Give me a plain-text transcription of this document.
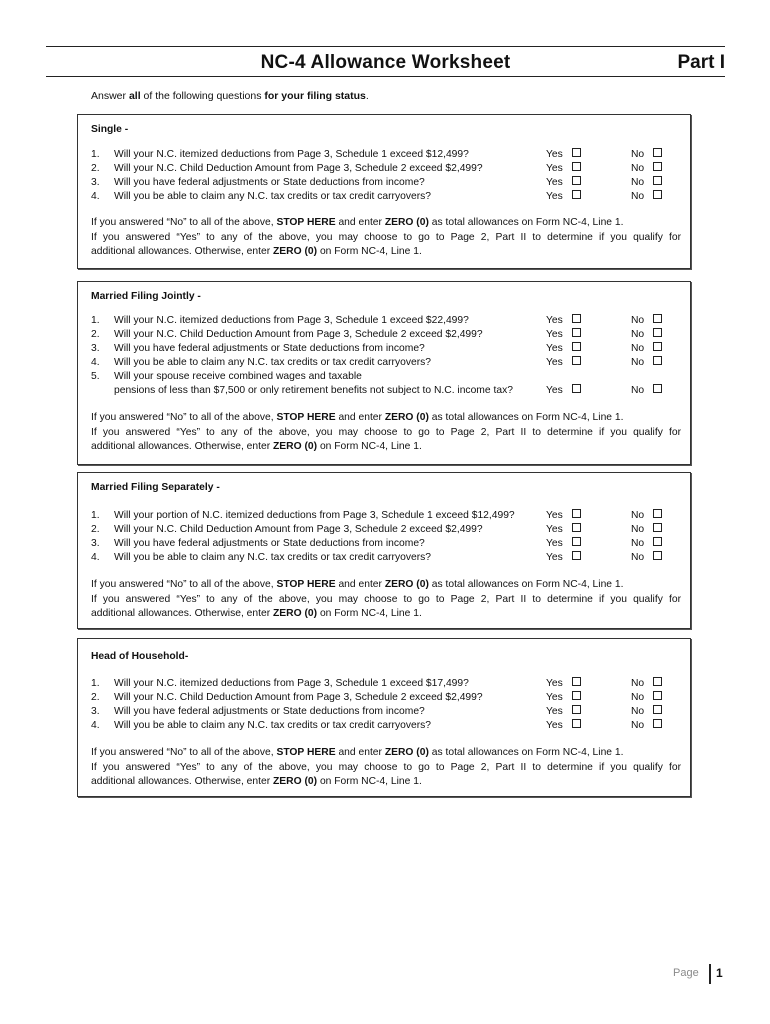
NC-4 Allowance Worksheet	Part I
Answer all of the following questions for your filing status.
Single -
1. Will your N.C. itemized deductions from Page 3, Schedule 1 exceed $12,499?	Yes	No
2. Will your N.C. Child Deduction Amount from Page 3, Schedule 2 exceed $2,499?	Yes	No
3. Will you have federal adjustments or State deductions from income?	Yes	No
4. Will you be able to claim any N.C. tax credits or tax credit carryovers?	Yes	No
If you answered “No” to all of the above, STOP HERE and enter ZERO (0) as total allowances on Form NC-4, Line 1.
If you answered “Yes” to any of the above, you may choose to go to Page 2, Part II to determine if you qualify for
additional allowances. Otherwise, enter ZERO (0) on Form NC-4, Line 1.
Married Filing Jointly -
1. Will your N.C. itemized deductions from Page 3, Schedule 1 exceed $22,499?	Yes	No
2. Will your N.C. Child Deduction Amount from Page 3, Schedule 2 exceed $2,499?	Yes	No
3. Will you have federal adjustments or State deductions from income?	Yes	No
4. Will you be able to claim any N.C. tax credits or tax credit carryovers?	Yes	No
5. Will your spouse receive combined wages and taxable
pensions of less than $7,500 or only retirement benefits not subject to N.C. income tax?	Yes	No
If you answered “No” to all of the above, STOP HERE and enter ZERO (0) as total allowances on Form NC-4, Line 1.
If you answered “Yes” to any of the above, you may choose to go to Page 2, Part II to determine if you qualify for
additional allowances. Otherwise, enter ZERO (0) on Form NC-4, Line 1.
Married Filing Separately -
1. Will your portion of N.C. itemized deductions from Page 3, Schedule 1 exceed $12,499?	Yes	No
2. Will your N.C. Child Deduction Amount from Page 3, Schedule 2 exceed $2,499?	Yes	No
3. Will you have federal adjustments or State deductions from income?	Yes	No
4. Will you be able to claim any N.C. tax credits or tax credit carryovers?	Yes	No
If you answered “No” to all of the above, STOP HERE and enter ZERO (0) as total allowances on Form NC-4, Line 1.
If you answered “Yes” to any of the above, you may choose to go to Page 2, Part II to determine if you qualify for
additional allowances. Otherwise, enter ZERO (0) on Form NC-4, Line 1.
Head of Household-
1. Will your N.C. itemized deductions from Page 3, Schedule 1 exceed $17,499?	Yes	No
2. Will your N.C. Child Deduction Amount from Page 3, Schedule 2 exceed $2,499?	Yes	No
3. Will you have federal adjustments or State deductions from income?	Yes	No
4. Will you be able to claim any N.C. tax credits or tax credit carryovers?	Yes	No
If you answered “No” to all of the above, STOP HERE and enter ZERO (0) as total allowances on Form NC-4, Line 1.
If you answered “Yes” to any of the above, you may choose to go to Page 2, Part II to determine if you qualify for
additional allowances. Otherwise, enter ZERO (0) on Form NC-4, Line 1.
Page 1
